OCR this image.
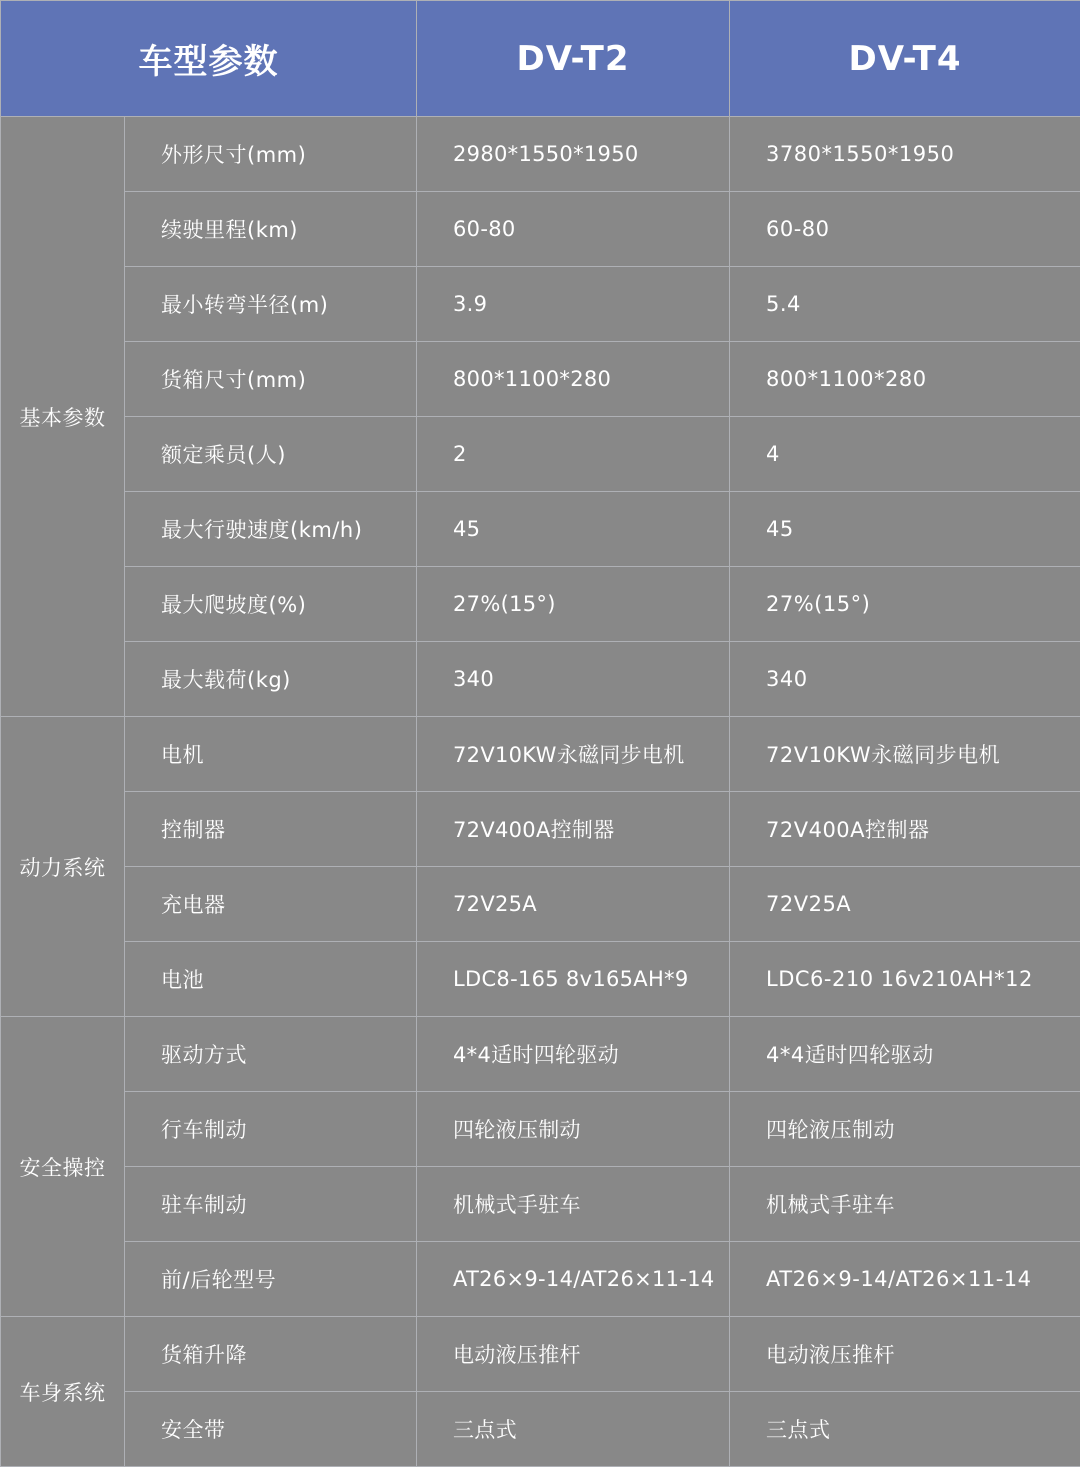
车型参数		DV-T2	DV-T4
基本参数	外形尺寸(mm)	2980*1550*1950	3780*1550*1950
	续驶里程(km)	60-80	60-80
	最小转弯半径(m)	3.9	5.4
	货箱尺寸(mm)	800*1100*280	800*1100*280
	额定乘员(人)	2	4
	最大行驶速度(km/h)	45	45
	最大爬坡度(%)	27%(15°)	27%(15°)
	最大载荷(kg)	340	340
动力系统	电机	72V10KW永磁同步电机	72V10KW永磁同步电机
	控制器	72V400A控制器	72V400A控制器
	充电器	72V25A	72V25A
	电池	LDC8-165 8v165AH*9	LDC6-210 16v210AH*12
安全操控	驱动方式	4*4适时四轮驱动	4*4适时四轮驱动
	行车制动	四轮液压制动	四轮液压制动
	驻车制动	机械式手驻车	机械式手驻车
	前/后轮型号	AT26×9-14/AT26×11-14	AT26×9-14/AT26×11-14
车身系统	货箱升降	电动液压推杆	电动液压推杆
	安全带	三点式	三点式
